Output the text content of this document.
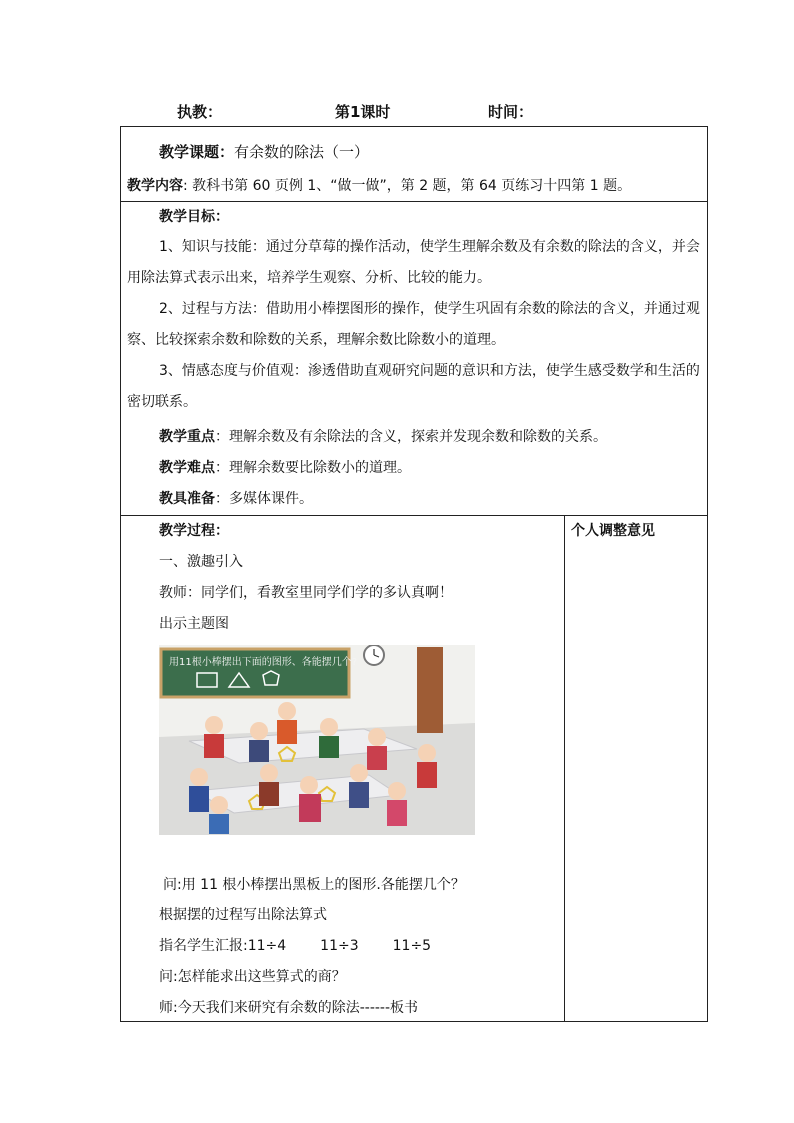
执教：	第1课时	时间：
教学课题：有余数的除法（一）
教学内容: 教科书第 60 页例 1、“做一做”，第 2 题，第 64 页练习十四第 1 题。
教学目标：

1、知识与技能：通过分草莓的操作活动，使学生理解余数及有余数的除法的含义，并会用除法算式表示出来，培养学生观察、分析、比较的能力。

2、过程与方法：借助用小棒摆图形的操作，使学生巩固有余数的除法的含义，并通过观察、比较探索余数和除数的关系，理解余数比除数小的道理。

3、情感态度与价值观：渗透借助直观研究问题的意识和方法，使学生感受数学和生活的密切联系。

教学重点：理解余数及有余除法的含义，探索并发现余数和除数的关系。
教学难点：理解余数要比除数小的道理。
教具准备：多媒体课件。
教学过程：	个人调整意见
一、激趣引入
教师：同学们，看教室里同学们学的多认真啊！
出示主题图
用11根小棒摆出下面的图形、各能摆几个?
问:用 11 根小棒摆出黑板上的图形.各能摆几个？
根据摆的过程写出除法算式
指名学生汇报:11÷4 11÷3 11÷5
问:怎样能求出这些算式的商？
师:今天我们来研究有余数的除法------板书
